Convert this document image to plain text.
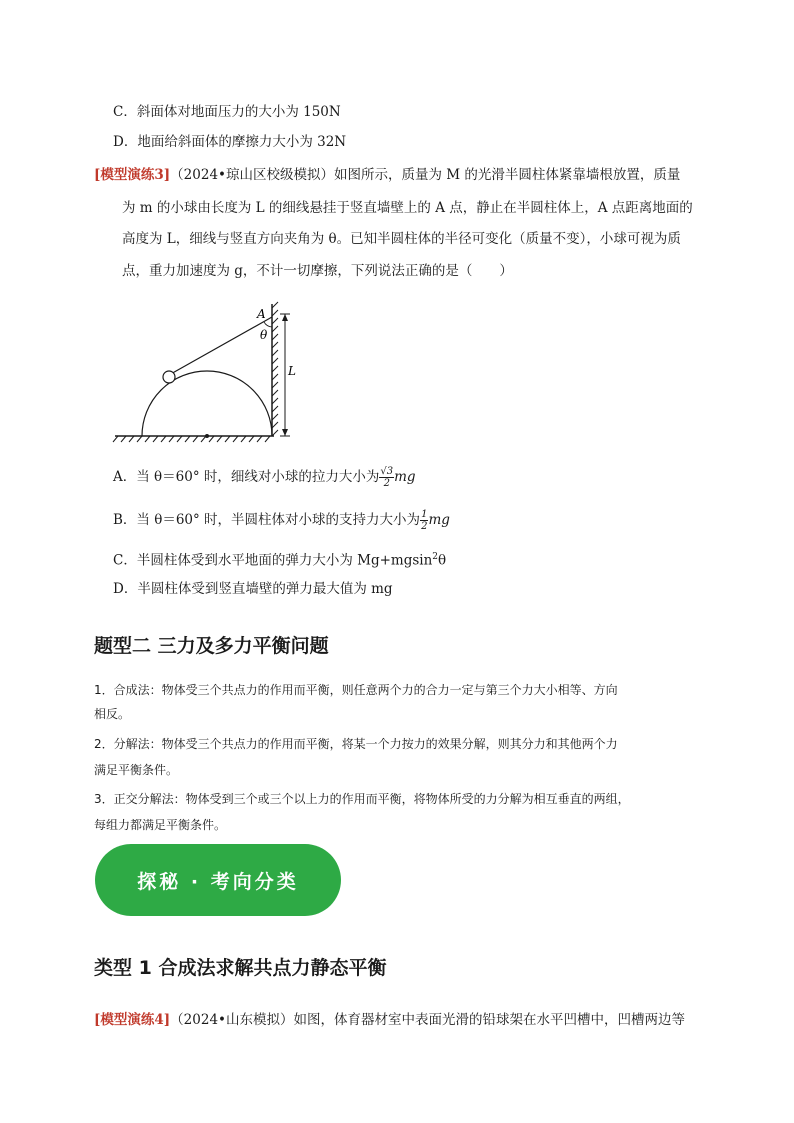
C．斜面体对地面压力的大小为 150N
D．地面给斜面体的摩擦力大小为 32N
[模型演练3]（2024•琼山区校级模拟）如图所示，质量为 M 的光滑半圆柱体紧靠墙根放置，质量
为 m 的小球由长度为 L 的细线悬挂于竖直墙壁上的 A 点，静止在半圆柱体上，A 点距离地面的
高度为 L，细线与竖直方向夹角为 θ。已知半圆柱体的半径可变化（质量不变），小球可视为质
点，重力加速度为 g，不计一切摩擦，下列说法正确的是（　　）
A
θ
L
A．当 θ＝60° 时，细线对小球的拉力大小为 $\frac{√3}{2}$ mg
B．当 θ＝60° 时，半圆柱体对小球的支持力大小为 $\frac{1}{2}$ mg
C．半圆柱体受到水平地面的弹力大小为 Mg+mgsin$^2$θ
D．半圆柱体受到竖直墙壁的弹力最大值为 mg
题型二 三力及多力平衡问题
1．合成法：物体受三个共点力的作用而平衡，则任意两个力的合力一定与第三个力大小相等、方向
相反。
2．分解法：物体受三个共点力的作用而平衡，将某一个力按力的效果分解，则其分力和其他两个力
满足平衡条件。
3．正交分解法：物体受到三个或三个以上力的作用而平衡，将物体所受的力分解为相互垂直的两组，
每组力都满足平衡条件。
探秘 · 考向分类
类型 1 合成法求解共点力静态平衡
[模型演练4]（2024•山东模拟）如图，体育器材室中表面光滑的铅球架在水平凹槽中，凹槽两边等
